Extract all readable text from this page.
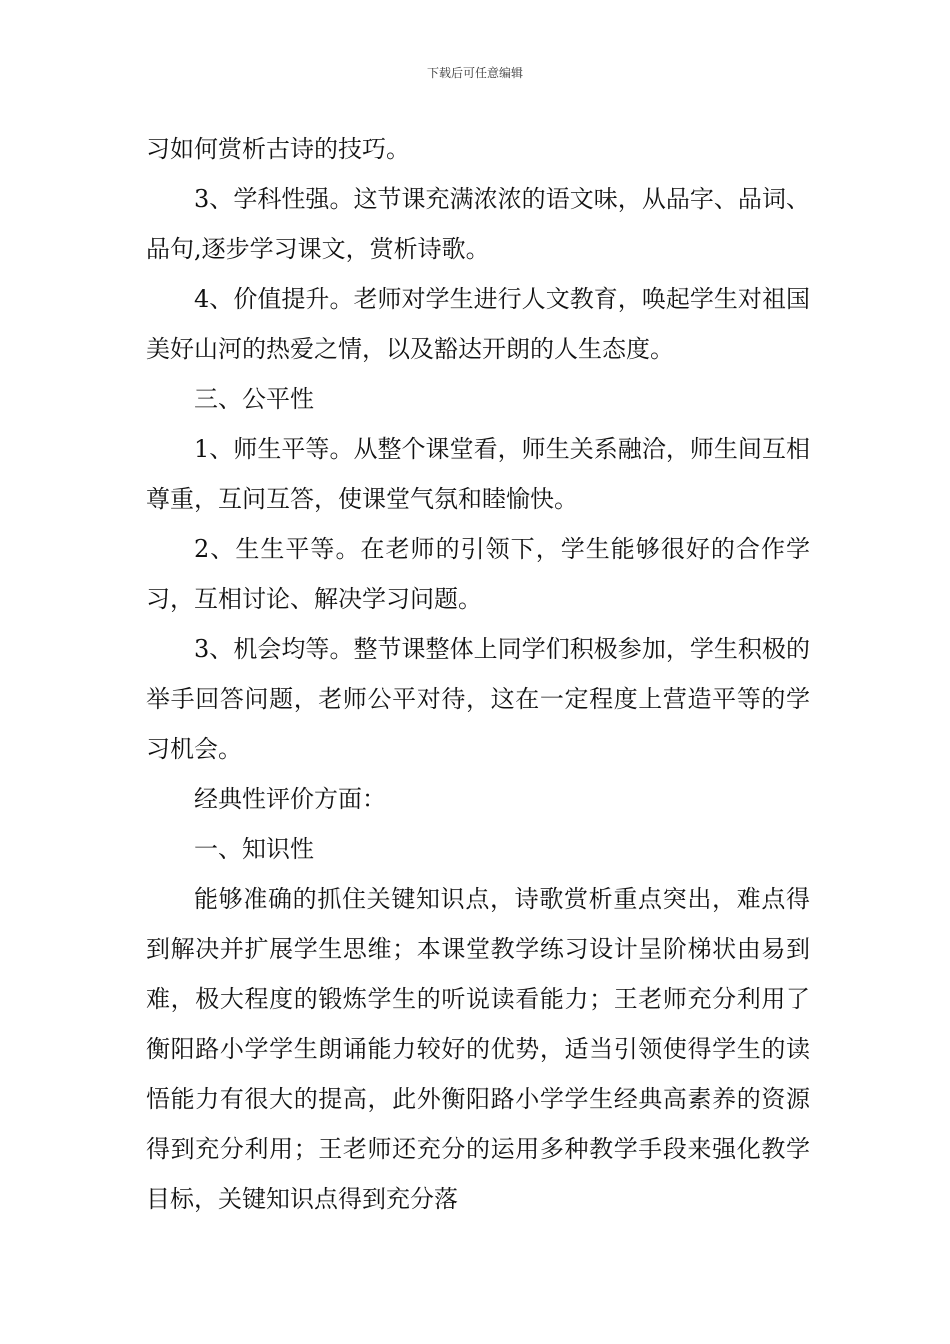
下载后可任意编辑

习如何赏析古诗的技巧。

3、学科性强。这节课充满浓浓的语文味，从品字、品词、品句,逐步学习课文，赏析诗歌。

4、价值提升。老师对学生进行人文教育，唤起学生对祖国美好山河的热爱之情，以及豁达开朗的人生态度。

三、公平性

1、师生平等。从整个课堂看，师生关系融洽，师生间互相尊重，互问互答，使课堂气氛和睦愉快。

2、生生平等。在老师的引领下，学生能够很好的合作学习，互相讨论、解决学习问题。

3、机会均等。整节课整体上同学们积极参加，学生积极的举手回答问题，老师公平对待，这在一定程度上营造平等的学习机会。

经典性评价方面：

一、知识性

能够准确的抓住关键知识点，诗歌赏析重点突出，难点得到解决并扩展学生思维；本课堂教学练习设计呈阶梯状由易到难，极大程度的锻炼学生的听说读看能力；王老师充分利用了衡阳路小学学生朗诵能力较好的优势，适当引领使得学生的读悟能力有很大的提高，此外衡阳路小学学生经典高素养的资源得到充分利用；王老师还充分的运用多种教学手段来强化教学目标，关键知识点得到充分落
